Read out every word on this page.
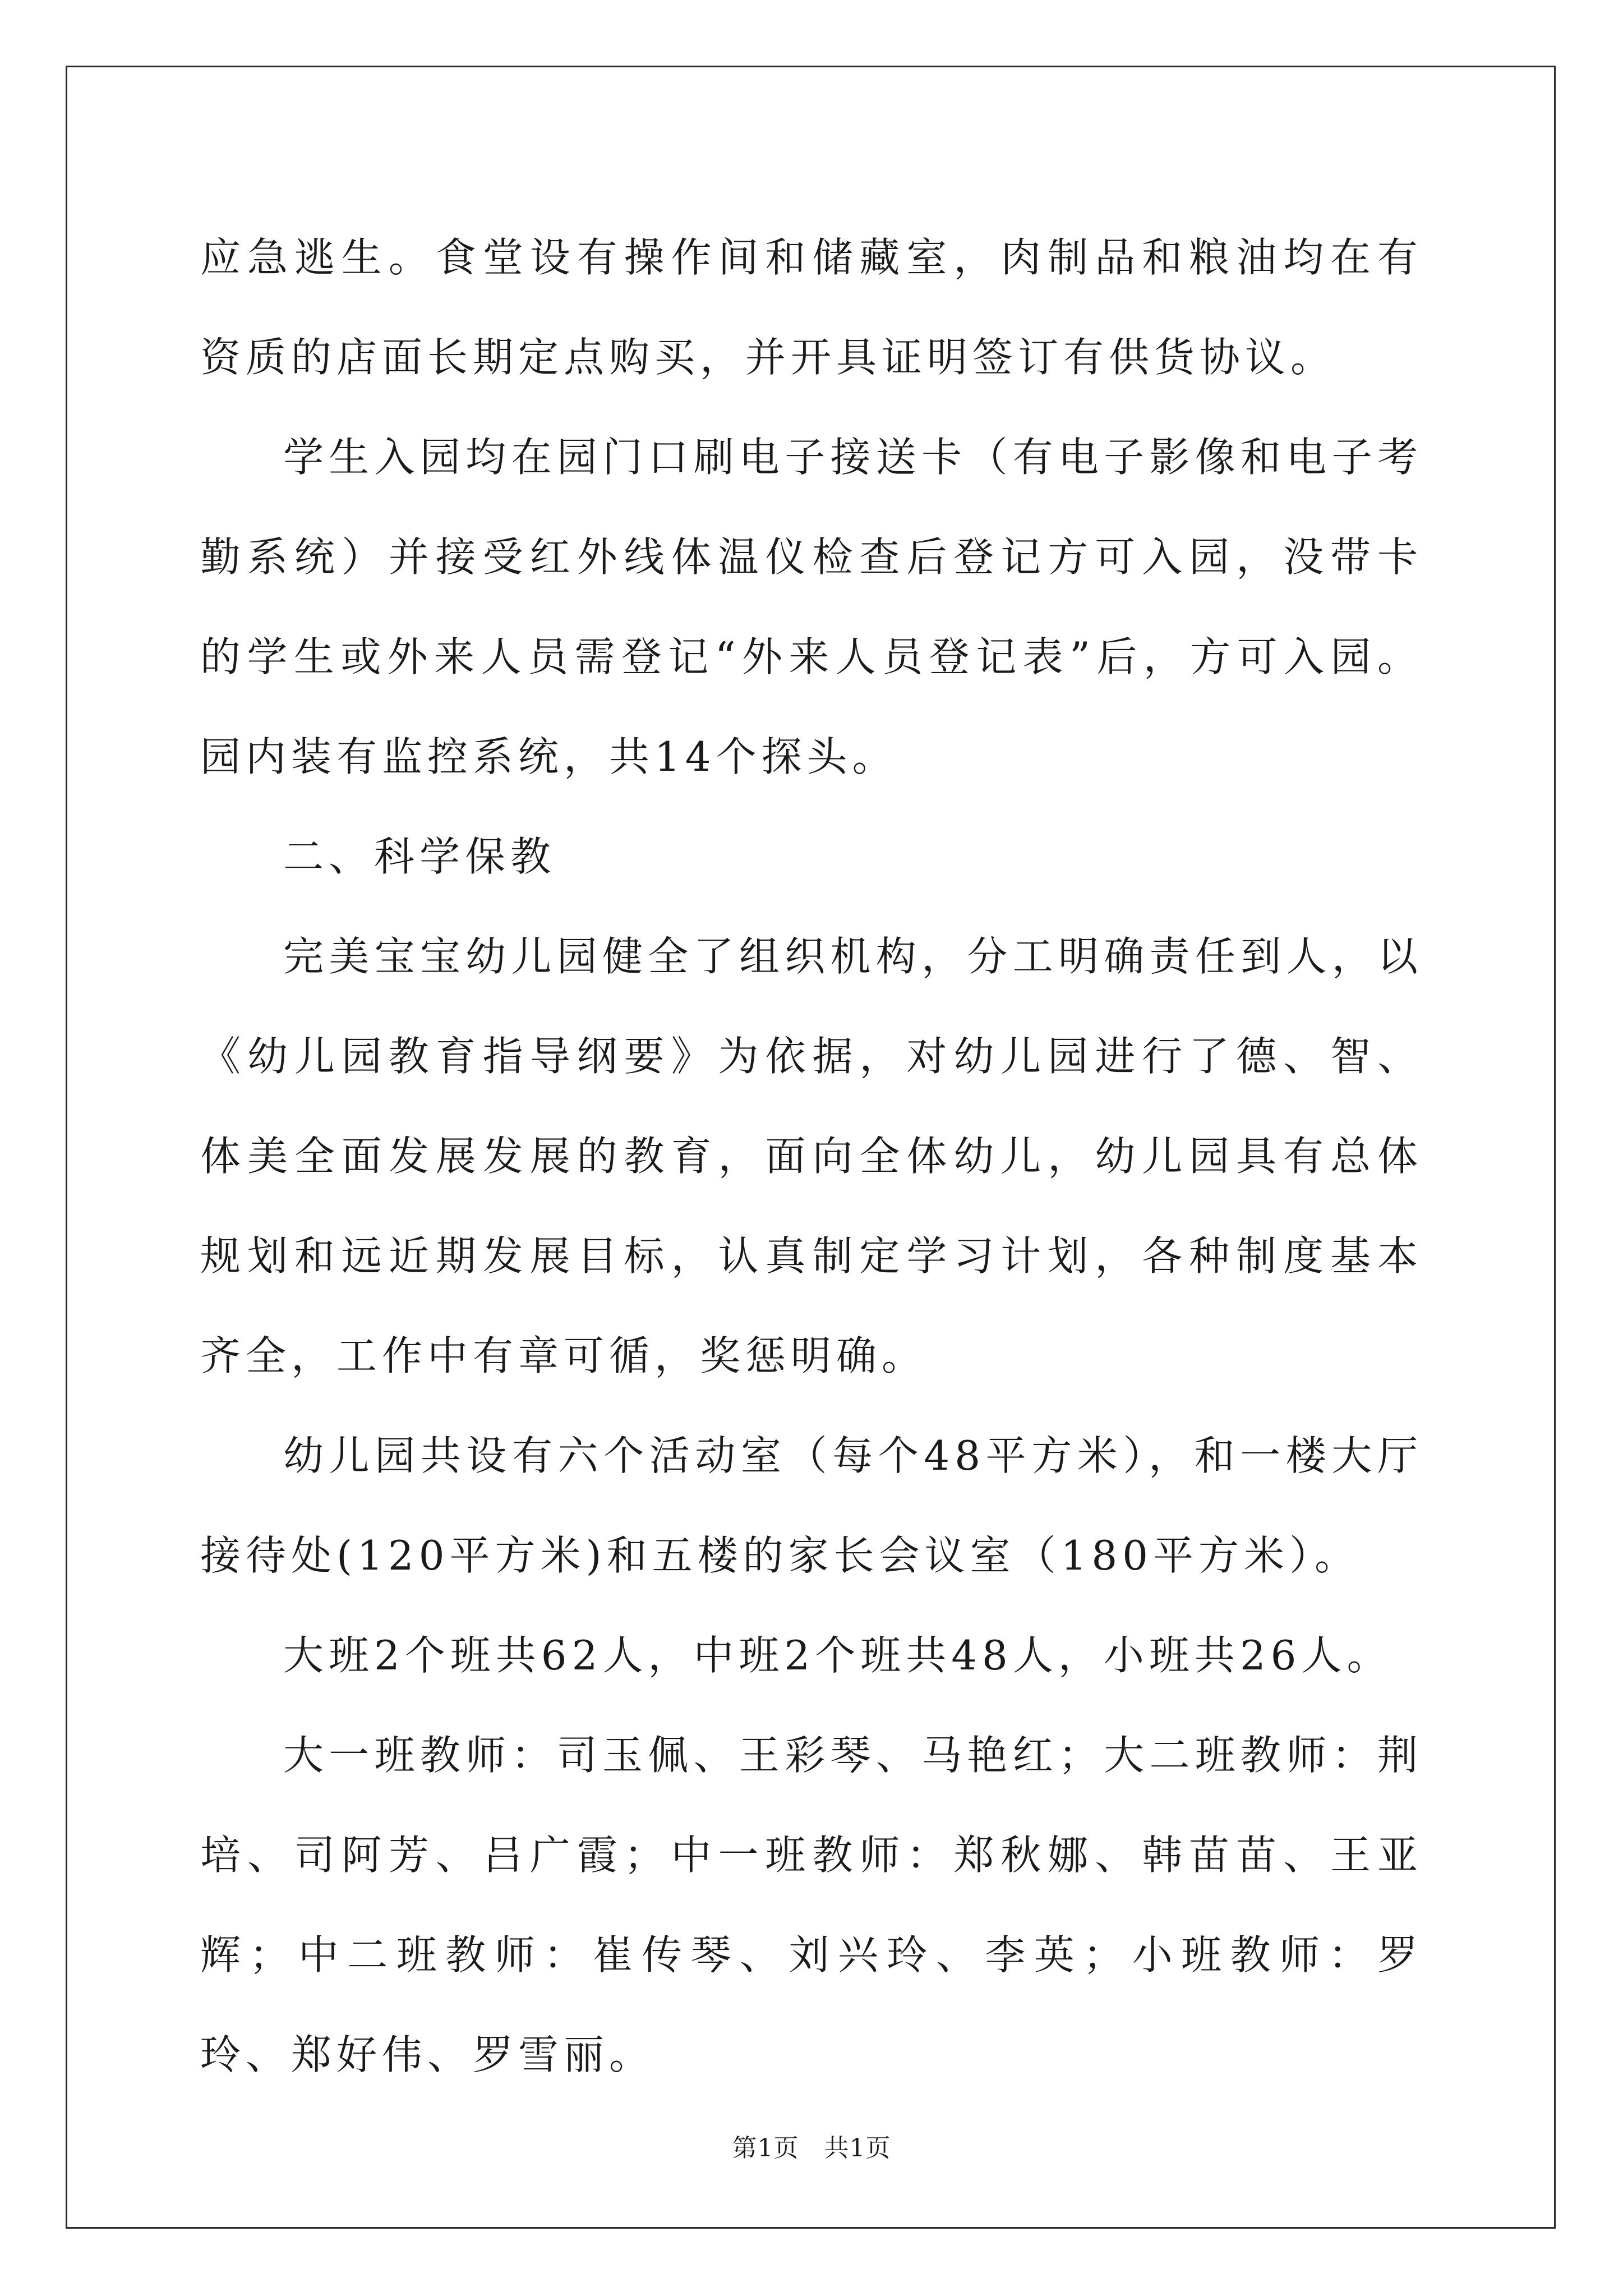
应急逃生。食堂设有操作间和储藏室，肉制品和粮油均在有资质的店面长期定点购买，并开具证明签订有供货协议。

学生入园均在园门口刷电子接送卡（有电子影像和电子考勤系统）并接受红外线体温仪检查后登记方可入园，没带卡的学生或外来人员需登记“外来人员登记表”后，方可入园。园内装有监控系统，共14个探头。

二、科学保教

完美宝宝幼儿园健全了组织机构，分工明确责任到人，以《幼儿园教育指导纲要》为依据，对幼儿园进行了德、智、体美全面发展发展的教育，面向全体幼儿，幼儿园具有总体规划和远近期发展目标，认真制定学习计划，各种制度基本齐全，工作中有章可循，奖惩明确。

幼儿园共设有六个活动室（每个48平方米），和一楼大厅接待处(120平方米)和五楼的家长会议室（180平方米）。

大班2个班共62人，中班2个班共48人，小班共26人。

大一班教师：司玉佩、王彩琴、马艳红；大二班教师：荆培、司阿芳、吕广霞；中一班教师：郑秋娜、韩苗苗、王亚辉；中二班教师：崔传琴、刘兴玲、李英；小班教师：罗玲、郑好伟、罗雪丽。

第1页　共1页
